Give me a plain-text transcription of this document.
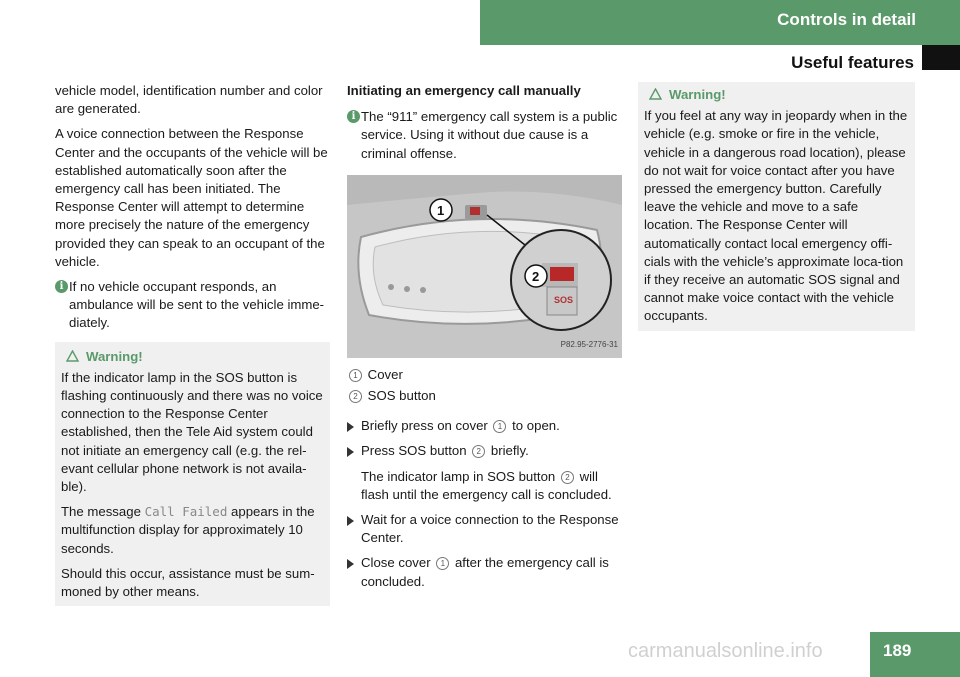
Controls in detail
Useful features

vehicle model, identification number and color are generated.

A voice connection between the Response Center and the occupants of the vehicle will be established automatically soon after the emergency call has been initiated. The Response Center will attempt to determine more precisely the nature of the emergency provided they can speak to an occupant of the vehicle.

i If no vehicle occupant responds, an ambulance will be sent to the vehicle imme-diately.

Warning!

If the indicator lamp in the SOS button is flashing continuously and there was no voice connection to the Response Center established, then the Tele Aid system could not initiate an emergency call (e.g. the rel-evant cellular phone network is not availa-ble).

The message Call Failed appears in the multifunction display for approximately 10 seconds.

Should this occur, assistance must be sum-moned by other means.

Initiating an emergency call manually

i The “911” emergency call system is a public service. Using it without due cause is a criminal offense.

SOS
1
2
P82.95-2776-31
1 Cover
2 SOS button

Briefly press on cover 1 to open.

Press SOS button 2 briefly.

The indicator lamp in SOS button 2 will flash until the emergency call is concluded.

Wait for a voice connection to the Response Center.

Close cover 1 after the emergency call is concluded.

Warning!

If you feel at any way in jeopardy when in the vehicle (e.g. smoke or fire in the vehicle, vehicle in a dangerous road location), please do not wait for voice contact after you have pressed the emergency button. Carefully leave the vehicle and move to a safe location. The Response Center will automatically contact local emergency offi-cials with the vehicle’s approximate loca-tion if they receive an automatic SOS signal and cannot make voice contact with the vehicle occupants.

189
carmanualsonline.info
